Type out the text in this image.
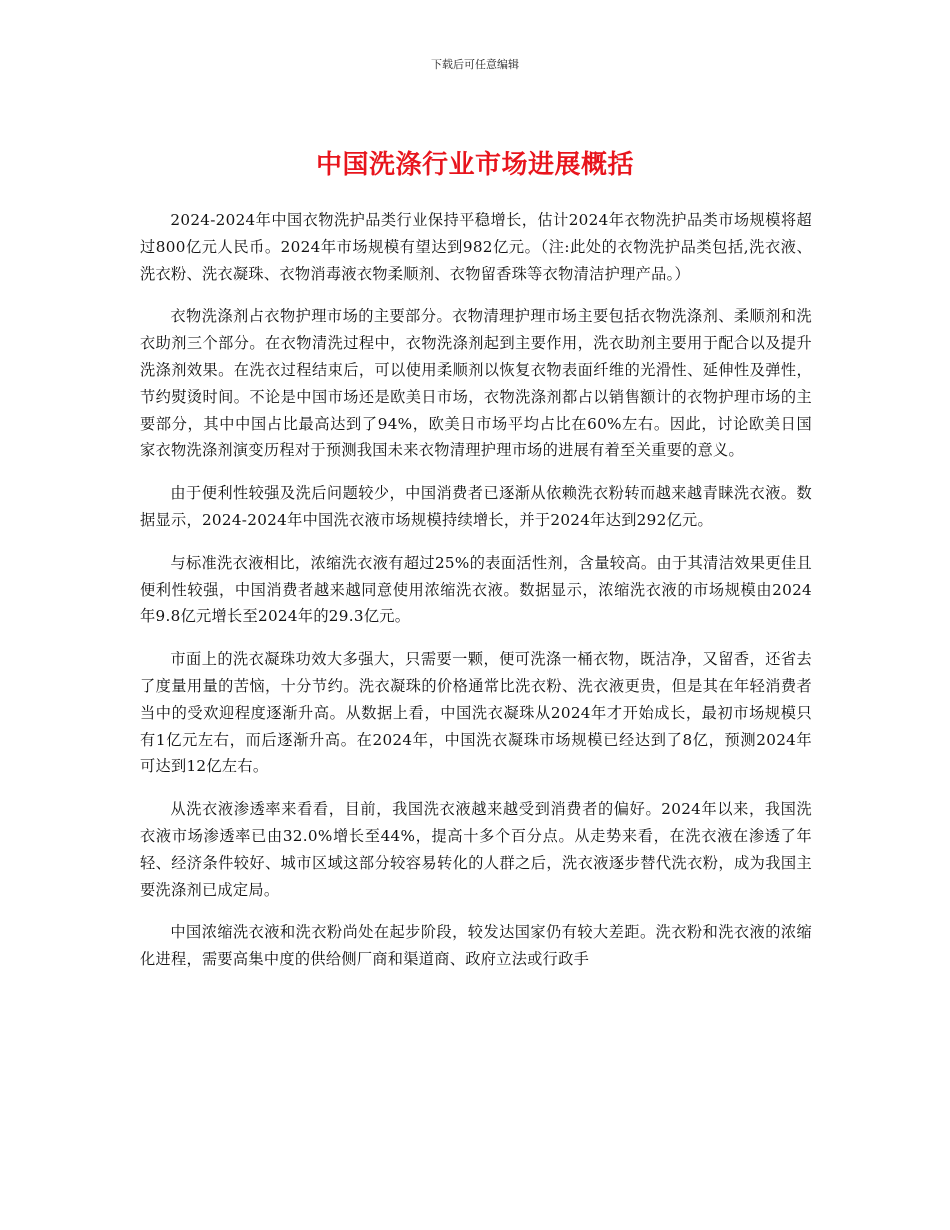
下载后可任意编辑
中国洗涤行业市场进展概括

2024-2024年中国衣物洗护品类行业保持平稳增长，估计2024年衣物洗护品类市场规模将超过800亿元人民币。2024年市场规模有望达到982亿元。（注:此处的衣物洗护品类包括,洗衣液、洗衣粉、洗衣凝珠、衣物消毒液衣物柔顺剂、衣物留香珠等衣物清洁护理产品。）

衣物洗涤剂占衣物护理市场的主要部分。衣物清理护理市场主要包括衣物洗涤剂、柔顺剂和洗衣助剂三个部分。在衣物清洗过程中，衣物洗涤剂起到主要作用，洗衣助剂主要用于配合以及提升洗涤剂效果。在洗衣过程结束后，可以使用柔顺剂以恢复衣物表面纤维的光滑性、延伸性及弹性，节约熨烫时间。不论是中国市场还是欧美日市场，衣物洗涤剂都占以销售额计的衣物护理市场的主要部分，其中中国占比最高达到了94%，欧美日市场平均占比在60%左右。因此，讨论欧美日国家衣物洗涤剂演变历程对于预测我国未来衣物清理护理市场的进展有着至关重要的意义。

由于便利性较强及洗后问题较少，中国消费者已逐渐从依赖洗衣粉转而越来越青睐洗衣液。数据显示，2024-2024年中国洗衣液市场规模持续增长，并于2024年达到292亿元。

与标准洗衣液相比，浓缩洗衣液有超过25%的表面活性剂，含量较高。由于其清洁效果更佳且便利性较强，中国消费者越来越同意使用浓缩洗衣液。数据显示，浓缩洗衣液的市场规模由2024年9.8亿元增长至2024年的29.3亿元。

市面上的洗衣凝珠功效大多强大，只需要一颗，便可洗涤一桶衣物，既洁净，又留香，还省去了度量用量的苦恼，十分节约。洗衣凝珠的价格通常比洗衣粉、洗衣液更贵，但是其在年轻消费者当中的受欢迎程度逐渐升高。从数据上看，中国洗衣凝珠从2024年才开始成长，最初市场规模只有1亿元左右，而后逐渐升高。在2024年，中国洗衣凝珠市场规模已经达到了8亿，预测2024年可达到12亿左右。

从洗衣液渗透率来看看，目前，我国洗衣液越来越受到消费者的偏好。2024年以来，我国洗衣液市场渗透率已由32.0%增长至44%，提高十多个百分点。从走势来看，在洗衣液在渗透了年轻、经济条件较好、城市区域这部分较容易转化的人群之后，洗衣液逐步替代洗衣粉，成为我国主要洗涤剂已成定局。

中国浓缩洗衣液和洗衣粉尚处在起步阶段，较发达国家仍有较大差距。洗衣粉和洗衣液的浓缩化进程，需要高集中度的供给侧厂商和渠道商、政府立法或行政手
